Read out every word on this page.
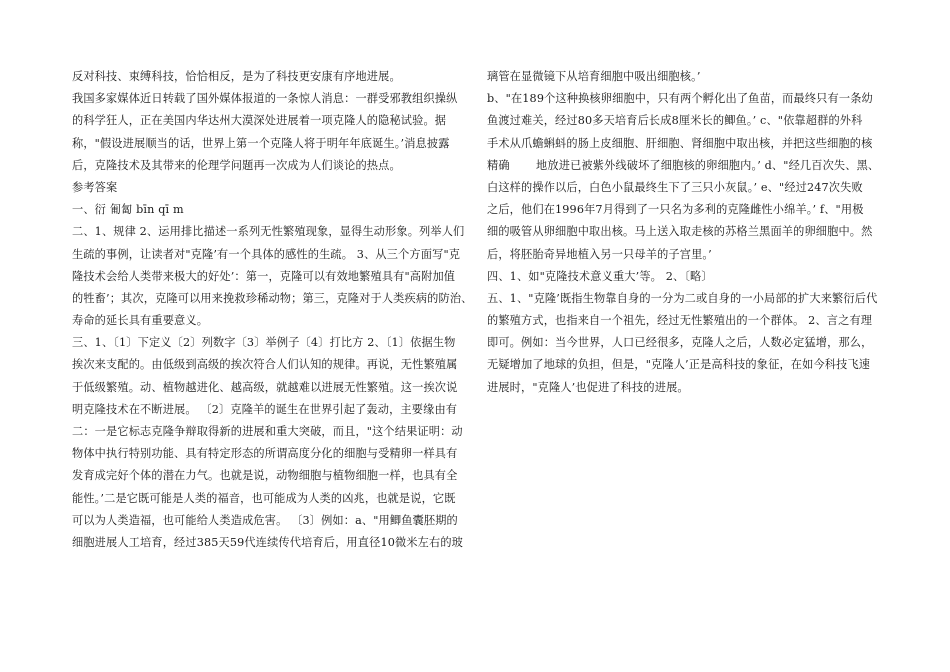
反对科技、束缚科技，恰恰相反，是为了科技更安康有序地进展。
我国多家媒体近日转载了国外媒体报道的一条惊人消息：一群受邪教组织操纵
的科学狂人，正在美国内华达州大漠深处进展着一项克隆人的隐秘试验。据
称，"假设进展顺当的话，世界上第一个克隆人将于明年年底诞生。’消息披露
后，克隆技术及其带来的伦理学问题再一次成为人们谈论的热点。
参考答案
一、衍 匍匐 bīn qī m
二、1、规律 2、运用排比描述一系列无性繁殖现象，显得生动形象。列举人们
生疏的事例，让读者对"克隆’有一个具体的感性的生疏。 3、从三个方面写"克
隆技术会给人类带来极大的好处’：第一，克隆可以有效地繁殖具有"高附加值
的牲畜’；其次，克隆可以用来挽救珍稀动物；第三，克隆对于人类疾病的防治、
寿命的延长具有重要意义。
三、1、〔1〕下定义〔2〕列数字〔3〕举例子〔4〕打比方 2、〔1〕依据生物
挨次来支配的。由低级到高级的挨次符合人们认知的规律。再说，无性繁殖属
于低级繁殖。动、植物越进化、越高级，就越难以进展无性繁殖。这一挨次说
明克隆技术在不断进展。 〔2〕克隆羊的诞生在世界引起了轰动，主要缘由有
二：一是它标志克隆争辩取得新的进展和重大突破，而且，"这个结果证明：动
物体中执行特别功能、具有特定形态的所谓高度分化的细胞与受精卵一样具有
发育成完好个体的潜在力气。也就是说，动物细胞与植物细胞一样，也具有全
能性。’二是它既可能是人类的福音，也可能成为人类的凶兆，也就是说，它既
可以为人类造福，也可能给人类造成危害。 〔3〕例如：a、"用鲫鱼囊胚期的
细胞进展人工培育，经过385天59代连续传代培育后，用直径10微米左右的玻
璃管在显微镜下从培育细胞中吸出细胞核。’
b、"在189个这种换核卵细胞中，只有两个孵化出了鱼苗，而最终只有一条幼
鱼渡过难关，经过80多天培育后长成8厘米长的鲫鱼。’ c、"依靠超群的外科
手术从爪蟾蝌蚪的肠上皮细胞、肝细胞、肾细胞中取出核，并把这些细胞的核
精确　　 地放进已被紫外线破坏了细胞核的卵细胞内。’ d、"经几百次失、黑、
白这样的操作以后，白色小鼠最终生下了三只小灰鼠。’ e、"经过247次失败
之后，他们在1996年7月得到了一只名为多利的克隆雌性小绵羊。’ f、"用极
细的吸管从卵细胞中取出核。马上送入取走核的苏格兰黑面羊的卵细胞中。然
后，将胚胎奇异地植入另一只母羊的子宫里。’
四、1、如"克隆技术意义重大’等。 2、〔略〕
五、1、"克隆’既指生物靠自身的一分为二或自身的一小局部的扩大来繁衍后代
的繁殖方式，也指来自一个祖先，经过无性繁殖出的一个群体。 2、言之有理
即可。例如：当今世界，人口已经很多，克隆人之后，人数必定猛增，那么，
无疑增加了地球的负担，但是，"克隆人’正是高科技的象征，在如今科技飞速
进展时，"克隆人’也促进了科技的进展。
